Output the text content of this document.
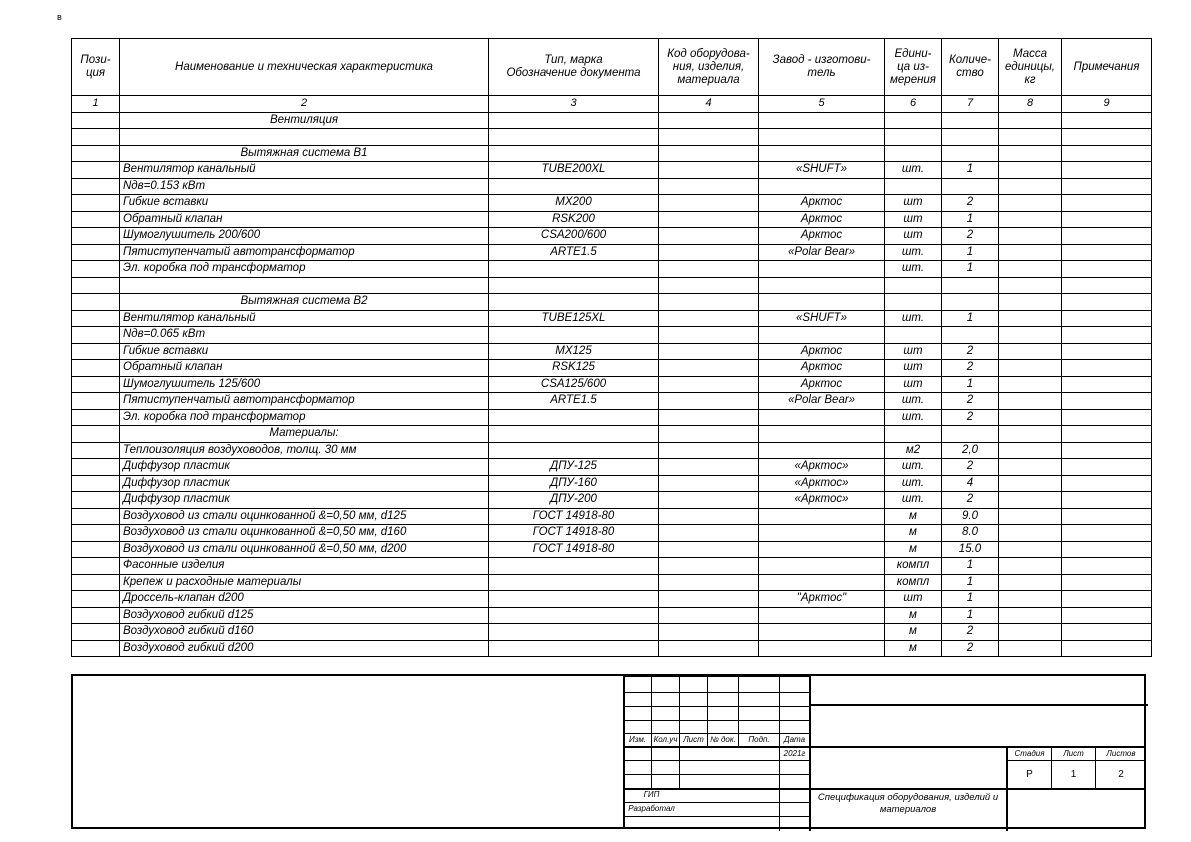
в
Пози-
ция	Наименование и техническая характеристика	Тип, марка
Обозначение документа	Код оборудова-
ния, изделия,
материала	Завод - изготови-
тель	Едини-
ца из-
мерения	Количе-
ство	Масса
единицы,
кг	Примечания
1	2	3	4	5	6	7	8	9
	Вентиляция							

	Вытяжная система В1							
	Вентилятор канальный	TUBE200XL		«SHUFT»	шт.	1		
	Nдв=0.153 кВт							
	Гибкие вставки	MX200		Арктос	шт	2		
	Обратный клапан	RSK200		Арктос	шт	1		
	Шумоглушитель 200/600	CSA200/600		Арктос	шт	2		
	Пятиступенчатый автотрансформатор	ARTE1.5		«Polar Bear»	шт.	1		
	Эл. коробка под трансформатор				шт.	1		

	Вытяжная система В2							
	Вентилятор канальный	TUBE125XL		«SHUFT»	шт.	1		
	Nдв=0.065 кВт							
	Гибкие вставки	MX125		Арктос	шт	2		
	Обратный клапан	RSK125		Арктос	шт	2		
	Шумоглушитель 125/600	CSA125/600		Арктос	шт	1		
	Пятиступенчатый автотрансформатор	ARTE1.5		«Polar Bear»	шт.	2		
	Эл. коробка под трансформатор				шт.	2		
	Материалы:							
	Теплоизоляция воздуховодов, толщ. 30 мм				м2	2,0		
	Диффузор пластик	ДПУ-125		«Арктос»	шт.	2		
	Диффузор пластик	ДПУ-160		«Арктос»	шт.	4		
	Диффузор пластик	ДПУ-200		«Арктос»	шт.	2		
	Воздуховод из стали оцинкованной &=0,50 мм, d125	ГОСТ 14918-80			м	9.0		
	Воздуховод из стали оцинкованной &=0,50 мм, d160	ГОСТ 14918-80			м	8.0		
	Воздуховод из стали оцинкованной &=0,50 мм, d200	ГОСТ 14918-80			м	15.0		
	Фасонные изделия				компл	1		
	Крепеж и расходные материалы				компл	1		
	Дроссель-клапан d200			"Арктос"	шт	1		
	Воздуховод гибкий d125				м	1		
	Воздуховод гибкий d160				м	2		
	Воздуховод гибкий d200				м	2		
Изм. Кол.уч Лист № док.	Подп.	Дата
2021г	Стадия	Лист	Листов
Р	1	2
ГИП
Разработал
Спецификация оборудования, изделий и материалов
